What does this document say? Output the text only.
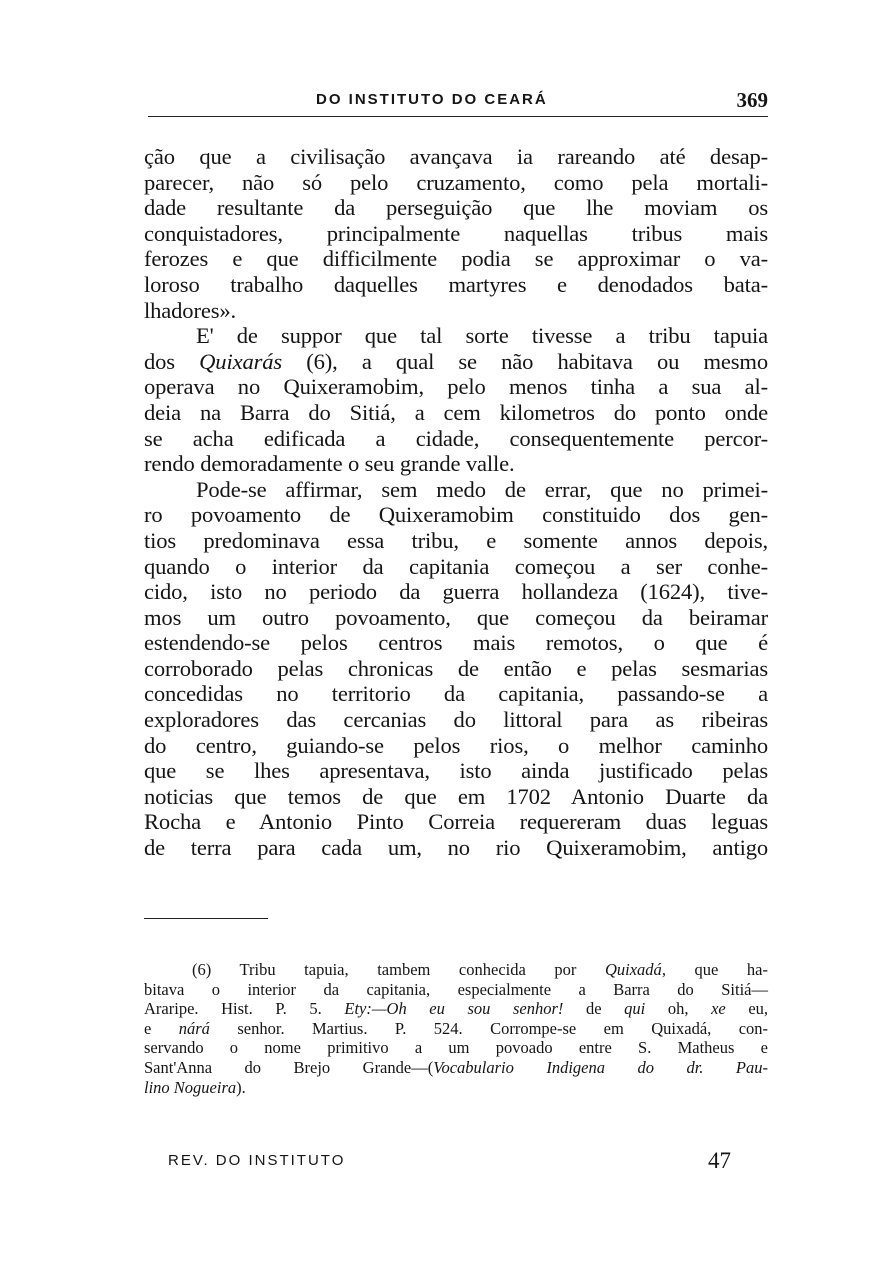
DO INSTITUTO DO CEARÁ	369
ção que a civilisação avançava ia rareando até desap-
parecer, não só pelo cruzamento, como pela mortali-
dade resultante da perseguição que lhe moviam os
conquistadores, principalmente naquellas tribus mais
ferozes e que difficilmente podia se approximar o va-
loroso trabalho daquelles martyres e denodados bata-
lhadores».
E' de suppor que tal sorte tivesse a tribu tapuia
dos Quixarás (6), a qual se não habitava ou mesmo
operava no Quixeramobim, pelo menos tinha a sua al-
deia na Barra do Sitiá, a cem kilometros do ponto onde
se acha edificada a cidade, consequentemente percor-
rendo demoradamente o seu grande valle.
Pode-se affirmar, sem medo de errar, que no primei-
ro povoamento de Quixeramobim constituido dos gen-
tios predominava essa tribu, e somente annos depois,
quando o interior da capitania começou a ser conhe-
cido, isto no periodo da guerra hollandeza (1624), tive-
mos um outro povoamento, que começou da beiramar
estendendo-se pelos centros mais remotos, o que é
corroborado pelas chronicas de então e pelas sesmarias
concedidas no territorio da capitania, passando-se a
exploradores das cercanias do littoral para as ribeiras
do centro, guiando-se pelos rios, o melhor caminho
que se lhes apresentava, isto ainda justificado pelas
noticias que temos de que em 1702 Antonio Duarte da
Rocha e Antonio Pinto Correia requereram duas leguas
de terra para cada um, no rio Quixeramobim, antigo
(6) Tribu tapuia, tambem conhecida por Quixadá, que ha-
bitava o interior da capitania, especialmente a Barra do Sitiá—
Araripe. Hist. P. 5. Ety:—Oh eu sou senhor! de qui oh, xe eu,
e nárá senhor. Martius. P. 524. Corrompe-se em Quixadá, con-
servando o nome primitivo a um povoado entre S. Matheus e
Sant'Anna do Brejo Grande—(Vocabulario Indigena do dr. Pau-
lino Nogueira).
REV. DO INSTITUTO	47
